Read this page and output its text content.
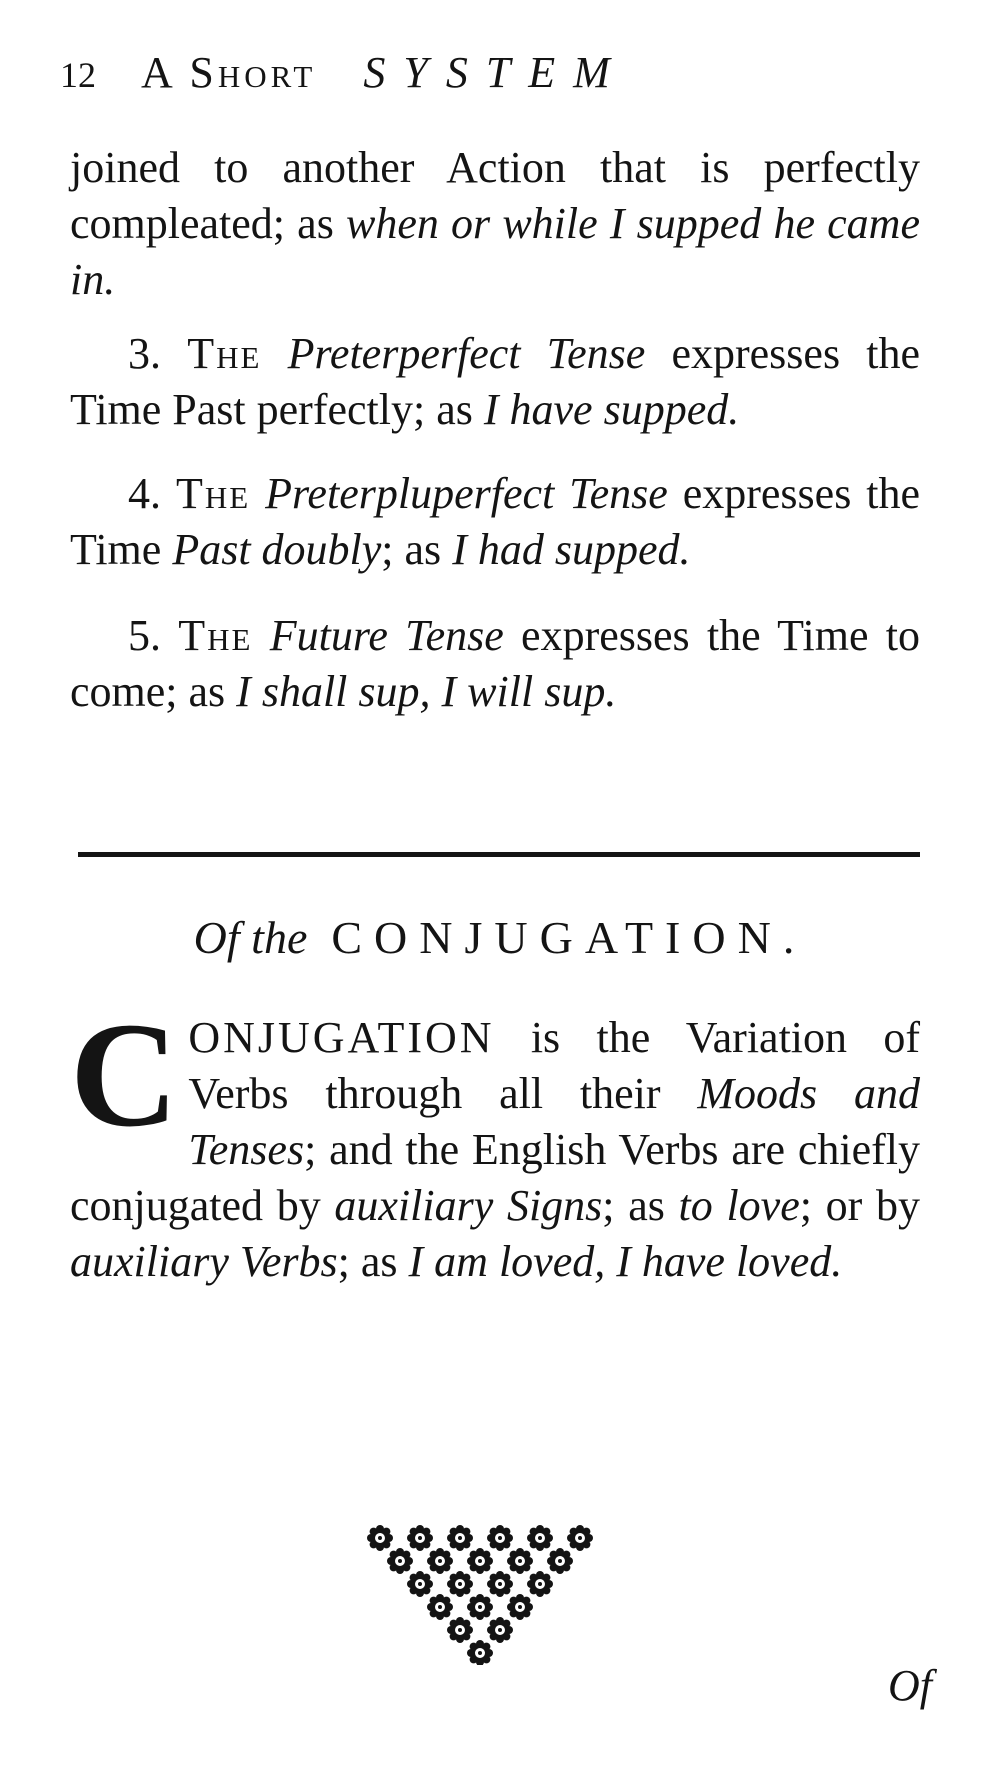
12 A Short SYSTEM

joined to another Action that is perfectly compleated; as when or while I supped he came in.

3. The Preterperfect Tense expresses the Time Past perfectly; as I have supped.

4. The Preterpluperfect Tense expresses the Time Past doubly; as I had supped.

5. The Future Tense expresses the Time to come; as I shall sup, I will sup.

Of the CONJUGATION.

CONJUGATION is the Variation of Verbs through all their Moods and Tenses; and the English Verbs are chiefly conjugated by auxiliary Signs; as to love; or by auxiliary Verbs; as I am loved, I have loved.

Of
